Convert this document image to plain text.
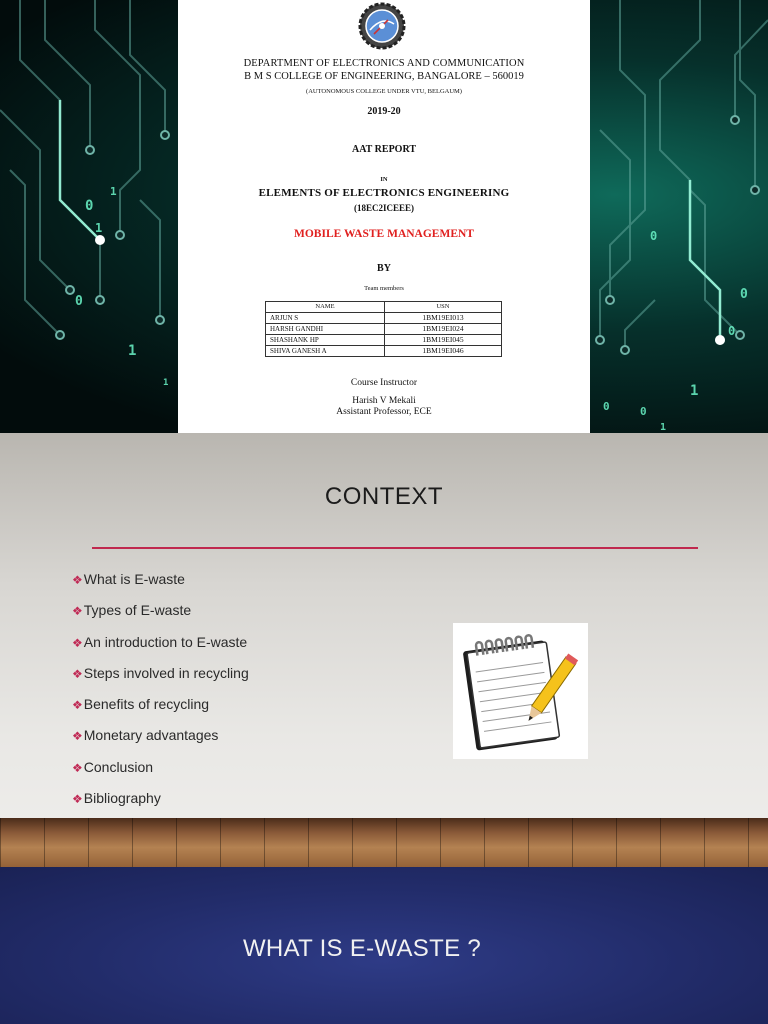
0
1
0
1
1
1
0
1
0
0
0
0
1
DEPARTMENT OF ELECTRONICS AND COMMUNICATION
B M S COLLEGE OF ENGINEERING, BANGALORE – 560019
(AUTONOMOUS COLLEGE UNDER VTU, BELGAUM)
2019-20
AAT REPORT
IN
ELEMENTS OF ELECTRONICS ENGINEERING
(18EC2ICEEE)
MOBILE WASTE MANAGEMENT
BY
Team members
NAME	USN
ARJUN S	1BM19EI013
HARSH GANDHI	1BM19EI024
SHASHANK HP	1BM19EI045
SHIVA GANESH A	1BM19EI046
Course Instructor
Harish V Mekali
Assistant Professor, ECE
CONTEXT
❖What is E-waste
❖Types of E-waste
❖An introduction to E-waste
❖Steps involved in recycling
❖Benefits of recycling
❖Monetary advantages
❖Conclusion
❖Bibliography
WHAT IS E-WASTE ?
